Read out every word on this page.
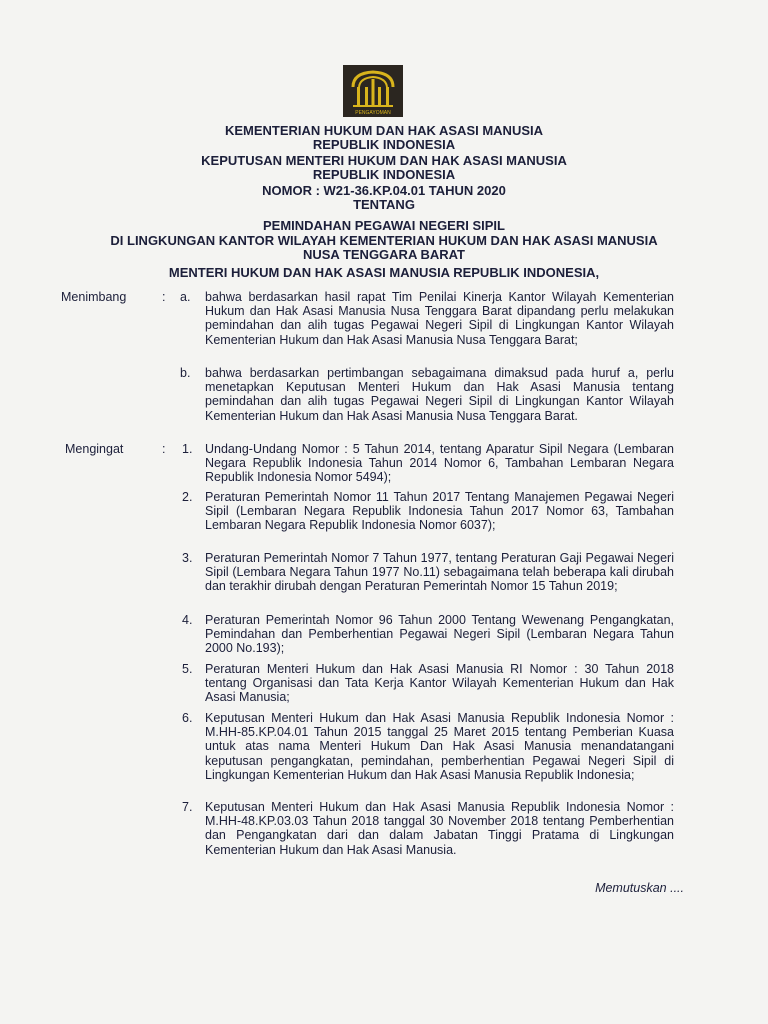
PENGAYOMAN
KEMENTERIAN HUKUM DAN HAK ASASI MANUSIA
REPUBLIK INDONESIA
KEPUTUSAN MENTERI HUKUM DAN HAK ASASI MANUSIA
REPUBLIK INDONESIA
NOMOR : W21-36.KP.04.01 TAHUN 2020
TENTANG
PEMINDAHAN PEGAWAI NEGERI SIPIL
DI LINGKUNGAN KANTOR WILAYAH KEMENTERIAN HUKUM DAN HAK ASASI MANUSIA
NUSA TENGGARA BARAT
MENTERI HUKUM DAN HAK ASASI MANUSIA REPUBLIK INDONESIA,
Menimbang	: a. bahwa berdasarkan hasil rapat Tim Penilai Kinerja Kantor Wilayah Kementerian Hukum dan Hak Asasi Manusia Nusa Tenggara Barat dipandang perlu melakukan pemindahan dan alih tugas Pegawai Negeri Sipil di Lingkungan Kantor Wilayah Kementerian Hukum dan Hak Asasi Manusia Nusa Tenggara Barat;
b. bahwa berdasarkan pertimbangan sebagaimana dimaksud pada huruf a, perlu menetapkan Keputusan Menteri Hukum dan Hak Asasi Manusia tentang pemindahan dan alih tugas Pegawai Negeri Sipil di Lingkungan Kantor Wilayah Kementerian Hukum dan Hak Asasi Manusia Nusa Tenggara Barat.
Mengingat	: 1. Undang-Undang Nomor : 5 Tahun 2014, tentang Aparatur Sipil Negara (Lembaran Negara Republik Indonesia Tahun 2014 Nomor 6, Tambahan Lembaran Negara Republik Indonesia Nomor 5494);
2. Peraturan Pemerintah Nomor 11 Tahun 2017 Tentang Manajemen Pegawai Negeri Sipil (Lembaran Negara Republik Indonesia Tahun 2017 Nomor 63, Tambahan Lembaran Negara Republik Indonesia Nomor 6037);
3. Peraturan Pemerintah Nomor 7 Tahun 1977, tentang Peraturan Gaji Pegawai Negeri Sipil (Lembara Negara Tahun 1977 No.11) sebagaimana telah beberapa kali dirubah dan terakhir dirubah dengan Peraturan Pemerintah Nomor 15 Tahun 2019;
4. Peraturan Pemerintah Nomor 96 Tahun 2000 Tentang Wewenang Pengangkatan, Pemindahan dan Pemberhentian Pegawai Negeri Sipil (Lembaran Negara Tahun 2000 No.193);
5. Peraturan Menteri Hukum dan Hak Asasi Manusia RI Nomor : 30 Tahun 2018 tentang Organisasi dan Tata Kerja Kantor Wilayah Kementerian Hukum dan Hak Asasi Manusia;
6. Keputusan Menteri Hukum dan Hak Asasi Manusia Republik Indonesia Nomor : M.HH-85.KP.04.01 Tahun 2015 tanggal 25 Maret 2015 tentang Pemberian Kuasa untuk atas nama Menteri Hukum Dan Hak Asasi Manusia menandatangani keputusan pengangkatan, pemindahan, pemberhentian Pegawai Negeri Sipil di Lingkungan Kementerian Hukum dan Hak Asasi Manusia Republik Indonesia;
7. Keputusan Menteri Hukum dan Hak Asasi Manusia Republik Indonesia Nomor : M.HH-48.KP.03.03 Tahun 2018 tanggal 30 November 2018 tentang Pemberhentian dan Pengangkatan dari dan dalam Jabatan Tinggi Pratama di Lingkungan Kementerian Hukum dan Hak Asasi Manusia.
Memutuskan ....
